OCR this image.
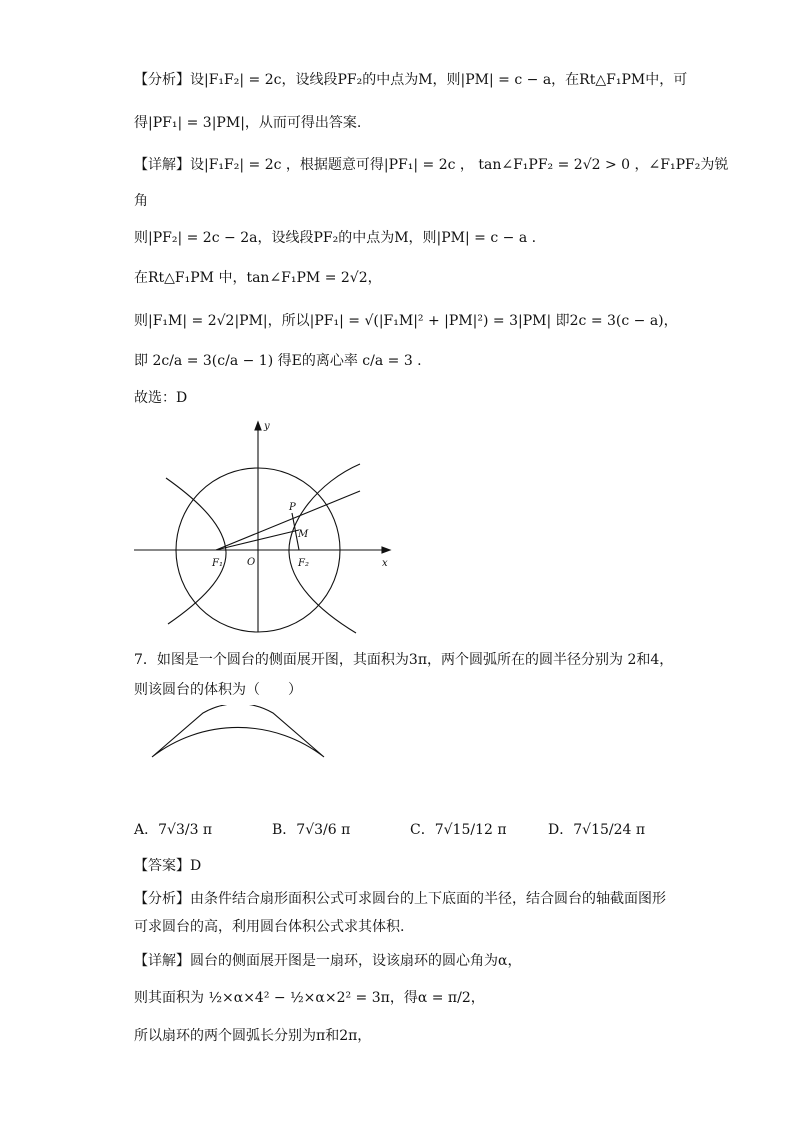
【分析】设|F₁F₂| = 2c，设线段PF₂的中点为M，则|PM| = c − a，在Rt△F₁PM中，可
得|PF₁| = 3|PM|，从而可得出答案.
【详解】设|F₁F₂| = 2c ，根据题意可得|PF₁| = 2c ， tan∠F₁PF₂ = 2√2 > 0 ，∠F₁PF₂为锐
角
则|PF₂| = 2c − 2a，设线段PF₂的中点为M，则|PM| = c − a .
在Rt△F₁PM 中，tan∠F₁PM = 2√2，
则|F₁M| = 2√2|PM|，所以|PF₁| = √(|F₁M|² + |PM|²) = 3|PM| 即2c = 3(c − a)，
即 2c/a = 3(c/a − 1) 得E的离心率 c/a = 3 .
故选：D
y
x
P
M
F₁ O	F₂
7．如图是一个圆台的侧面展开图，其面积为3π，两个圆弧所在的圆半径分别为 2和4，
则该圆台的体积为（　　）
A．7√3/3 π	B．7√3/6 π	C．7√15/12 π	D．7√15/24 π
【答案】D
【分析】由条件结合扇形面积公式可求圆台的上下底面的半径，结合圆台的轴截面图形
可求圆台的高，利用圆台体积公式求其体积.
【详解】圆台的侧面展开图是一扇环，设该扇环的圆心角为α，
则其面积为 ½×α×4² − ½×α×2² = 3π，得α = π/2，
所以扇环的两个圆弧长分别为π和2π，
